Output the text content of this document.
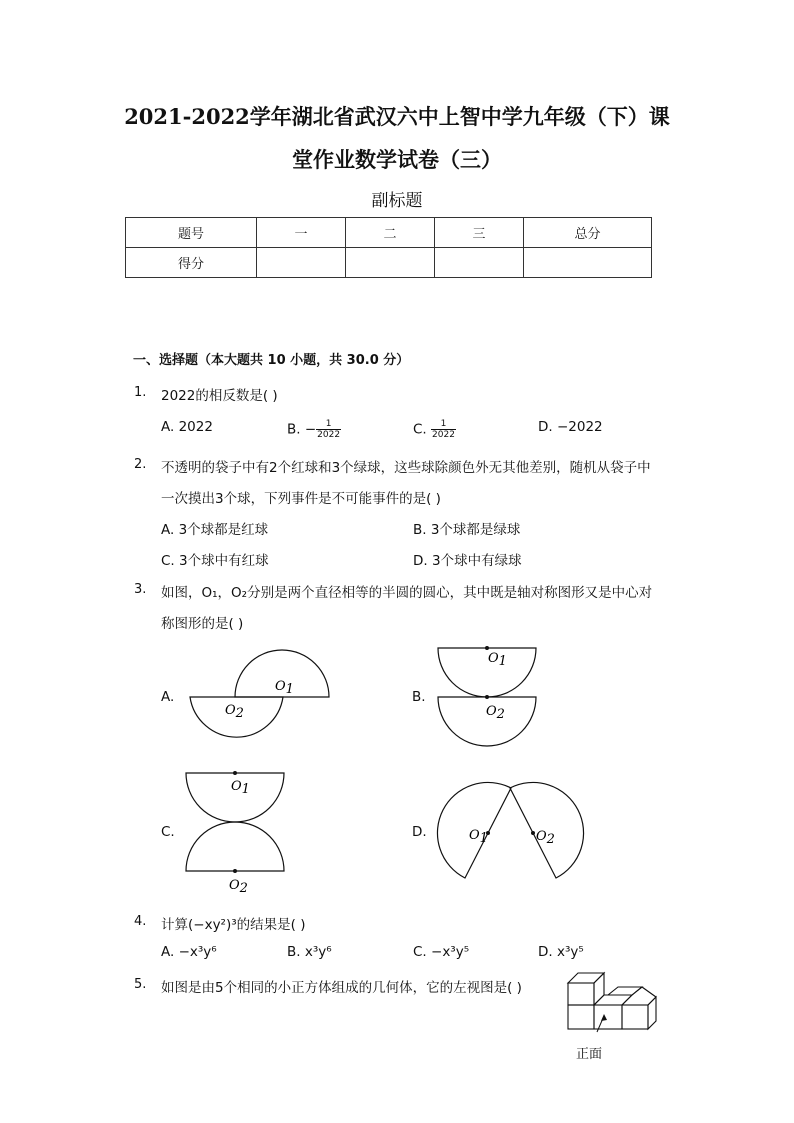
2021-2022学年湖北省武汉六中上智中学九年级（下）课
堂作业数学试卷（三）
副标题
题号	一	二	三	总分
得分				
一、选择题（本大题共 10 小题，共 30.0 分）
1. 2022的相反数是( )
A. 2022	B. − $\frac{1}{2022}$	C. $\frac{1}{2022}$	D. −2022
2. 不透明的袋子中有2个红球和3个绿球，这些球除颜色外无其他差别，随机从袋子中
一次摸出3个球，下列事件是不可能事件的是( )
A. 3个球都是红球	B. 3个球都是绿球
C. 3个球中有红球	D. 3个球中有绿球
3. 如图，O₁，O₂分别是两个直径相等的半圆的圆心，其中既是轴对称图形又是中心对
称图形的是( )
A.	B.
C.	D.
O1
O2
O1
O2
O1
O2
O1	O2
4. 计算(−xy²)³的结果是( )
A. −x³y⁶	B. x³y⁶	C. −x³y⁵	D. x³y⁵
5. 如图是由5个相同的小正方体组成的几何体，它的左视图是( )
正面
